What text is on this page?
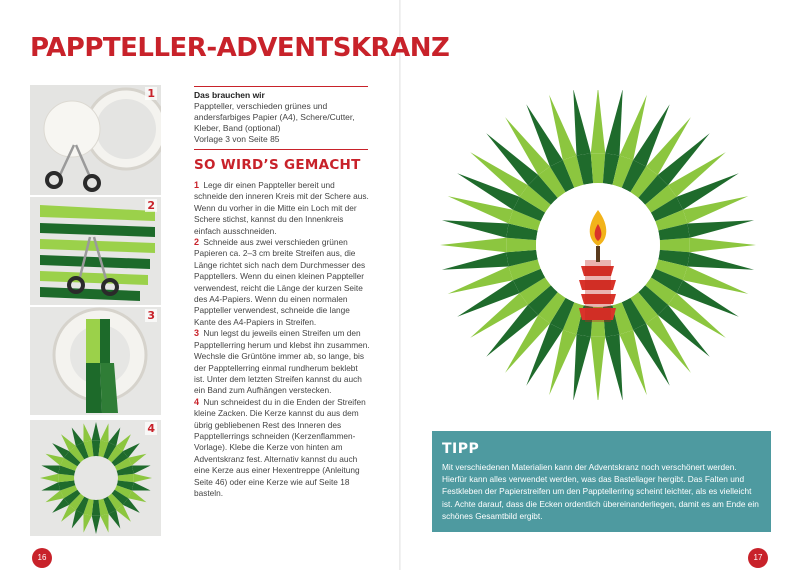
PAPPTELLER-ADVENTSKRANZ
1
2
3
4
Das brauchen wir
Pappteller, verschieden grünes und andersfarbiges Papier (A4), Schere/Cutter, Kleber, Band (optional)
Vorlage 3 von Seite 85
SO WIRD’S GEMACHT

1 Lege dir einen Pappteller bereit und schneide den inneren Kreis mit der Schere aus. Wenn du vorher in die Mitte ein Loch mit der Schere stichst, kannst du den Innenkreis einfach ausschneiden.

2 Schneide aus zwei verschieden grünen Papieren ca. 2–3 cm breite Streifen aus, die Länge richtet sich nach dem Durchmesser des Papptellers. Wenn du einen kleinen Pappteller verwendest, reicht die Länge der kurzen Seite des A4-Papiers. Wenn du einen normalen Pappteller verwendest, schneide die lange Kante des A4-Papiers in Streifen.

3 Nun legst du jeweils einen Streifen um den Papptellerring herum und klebst ihn zusammen. Wechsle die Grüntöne immer ab, so lange, bis der Papptellerring einmal rundherum beklebt ist. Unter dem letzten Streifen kannst du auch ein Band zum Aufhängen verstecken.

4 Nun schneidest du in die Enden der Streifen kleine Zacken. Die Kerze kannst du aus dem übrig gebliebenen Rest des Inneren des Papptellerrings schneiden (Kerzenflammen-Vorlage). Klebe die Kerze von hinten am Adventskranz fest. Alternativ kannst du auch eine Kerze aus einer Hexentreppe (Anleitung Seite 46) oder eine Kerze wie auf Seite 18 basteln.

16
TIPP
Mit verschiedenen Materialien kann der Adventskranz noch verschönert werden. Hierfür kann alles verwendet werden, was das Bastellager hergibt. Das Falten und Festkleben der Papierstreifen um den Papptellerring scheint leichter, als es vielleicht ist. Achte darauf, dass die Ecken ordentlich übereinanderliegen, damit es am Ende ein schönes Gesamtbild ergibt.
17
